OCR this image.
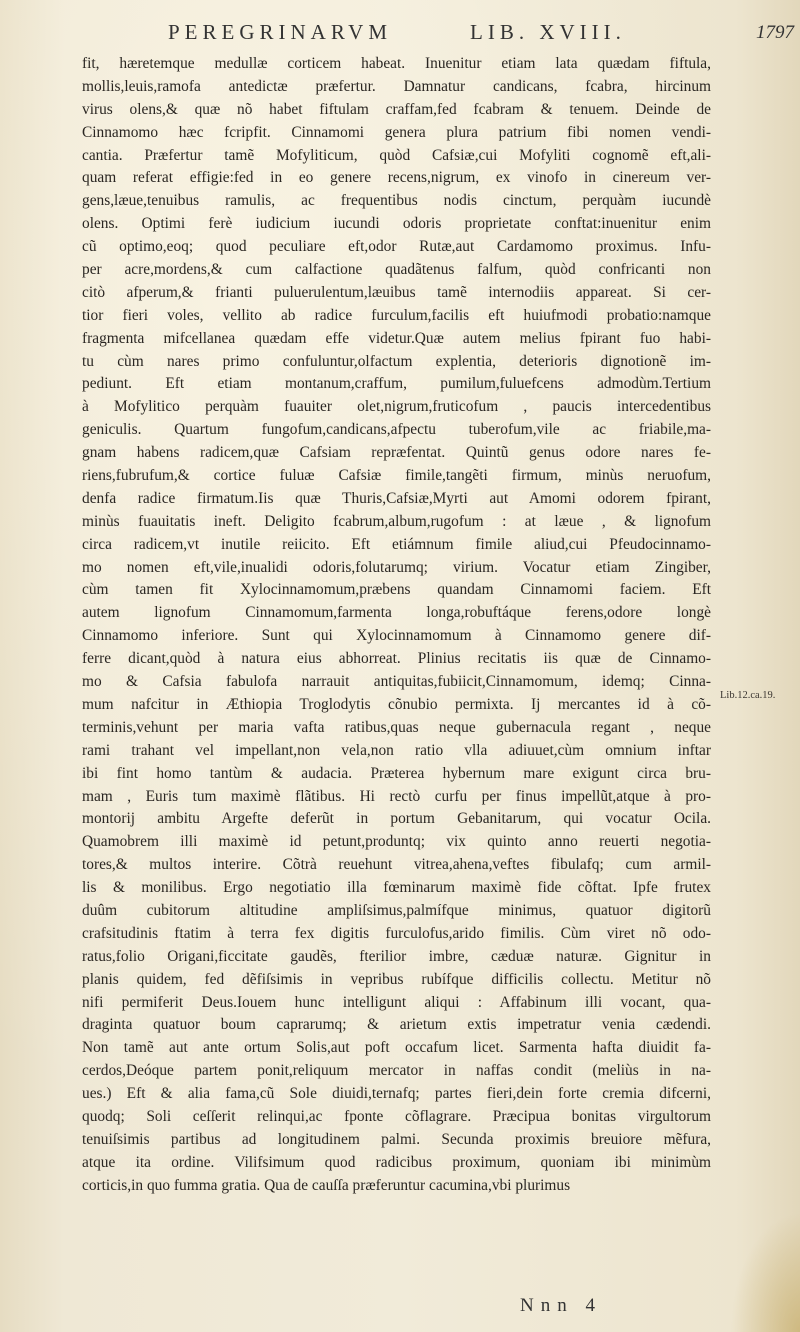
PEREGRINARVM	LIB. XVIII.	1797
fit, hæretemque medullæ corticem habeat. Inuenitur etiam lata quædam fiftula,
mollis,leuis,ramofa antedictæ præfertur. Damnatur candicans, fcabra, hircinum
virus olens,& quæ nõ habet fiftulam craffam,fed fcabram & tenuem. Deinde de
Cinnamomo hæc fcripfit. Cinnamomi genera plura patrium fibi nomen vendi-
cantia. Præfertur tamẽ Mofyliticum, quòd Cafsiæ,cui Mofyliti cognomẽ eft,ali-
quam referat effigie:fed in eo genere recens,nigrum, ex vinofo in cinereum ver-
gens,læue,tenuibus ramulis, ac frequentibus nodis cinctum, perquàm iucundè
olens. Optimi ferè iudicium iucundi odoris proprietate conftat:inuenitur enim
cũ optimo,eoq; quod peculiare eft,odor Rutæ,aut Cardamomo proximus. Infu-
per acre,mordens,& cum calfactione quadãtenus falfum, quòd confricanti non
citò afperum,& frianti puluerulentum,læuibus tamẽ internodiis appareat. Si cer-
tior fieri voles, vellito ab radice furculum,facilis eft huiufmodi probatio:namque
fragmenta mifcellanea quædam effe videtur.Quæ autem melius fpirant fuo habi-
tu cùm nares primo confuluntur,olfactum explentia, deterioris dignotionẽ im-
pediunt. Eft etiam montanum,craffum, pumilum,fuluefcens admodùm.Tertium
à Mofylitico perquàm fuauiter olet,nigrum,fruticofum , paucis intercedentibus
geniculis. Quartum fungofum,candicans,afpectu tuberofum,vile ac friabile,ma-
gnam habens radicem,quæ Cafsiam repræfentat. Quintũ genus odore nares fe-
riens,fubrufum,& cortice fuluæ Cafsiæ fimile,tangẽti firmum, minùs neruofum,
denfa radice firmatum.Iis quæ Thuris,Cafsiæ,Myrti aut Amomi odorem fpirant,
minùs fuauitatis ineft. Deligito fcabrum,album,rugofum : at læue , & lignofum
circa radicem,vt inutile reiicito. Eft etiámnum fimile aliud,cui Pfeudocinnamo-
mo nomen eft,vile,inualidi odoris,folutarumq; virium. Vocatur etiam Zingiber,
cùm tamen fit Xylocinnamomum,præbens quandam Cinnamomi faciem. Eft
autem lignofum Cinnamomum,farmenta longa,robuftáque ferens,odore longè
Cinnamomo inferiore. Sunt qui Xylocinnamomum à Cinnamomo genere dif-
ferre dicant,quòd à natura eius abhorreat. Plinius recitatis iis quæ de Cinnamo-
mo & Cafsia fabulofa narrauit antiquitas,fubiicit,Cinnamomum, idemq; Cinna-
mum nafcitur in Æthiopia Troglodytis cõnubio permixta. Ij mercantes id à cõ-
terminis,vehunt per maria vafta ratibus,quas neque gubernacula regant , neque
rami trahant vel impellant,non vela,non ratio vlla adiuuet,cùm omnium inftar
ibi fint homo tantùm & audacia. Præterea hybernum mare exigunt circa bru-
mam , Euris tum maximè flãtibus. Hi rectò curfu per finus impellũt,atque à pro-
montorij ambitu Argefte deferũt in portum Gebanitarum, qui vocatur Ocila.
Quamobrem illi maximè id petunt,produntq; vix quinto anno reuerti negotia-
tores,& multos interire. Cõtrà reuehunt vitrea,ahena,veftes fibulafq; cum armil-
lis & monilibus. Ergo negotiatio illa fœminarum maximè fide cõftat. Ipfe frutex
duûm cubitorum altitudine ampliſsimus,palmífque minimus, quatuor digitorũ
crafsitudinis ftatim à terra fex digitis furculofus,arido fimilis. Cùm viret nõ odo-
ratus,folio Origani,ficcitate gaudẽs, fterilior imbre, cæduæ naturæ. Gignitur in
planis quidem, fed dẽfiſsimis in vepribus rubífque difficilis collectu. Metitur nõ
nifi permiferit Deus.Iouem hunc intelligunt aliqui : Affabinum illi vocant, qua-
draginta quatuor boum caprarumq; & arietum extis impetratur venia cædendi.
Non tamẽ aut ante ortum Solis,aut poft occafum licet. Sarmenta hafta diuidit fa-
cerdos,Deóque partem ponit,reliquum mercator in naffas condit (meliùs in na-
ues.) Eft & alia fama,cũ Sole diuidi,ternafq; partes fieri,dein forte cremia difcerni,
quodq; Soli ceſſerit relinqui,ac fponte cõflagrare. Præcipua bonitas virgultorum
tenuiſsimis partibus ad longitudinem palmi. Secunda proximis breuiore mẽfura,
atque ita ordine. Vilifsimum quod radicibus proximum, quoniam ibi minimùm
corticis,in quo fumma gratia. Qua de cauſſa præferuntur cacumina,vbi plurimus
Lib.12.ca.19.
Nnn 4
